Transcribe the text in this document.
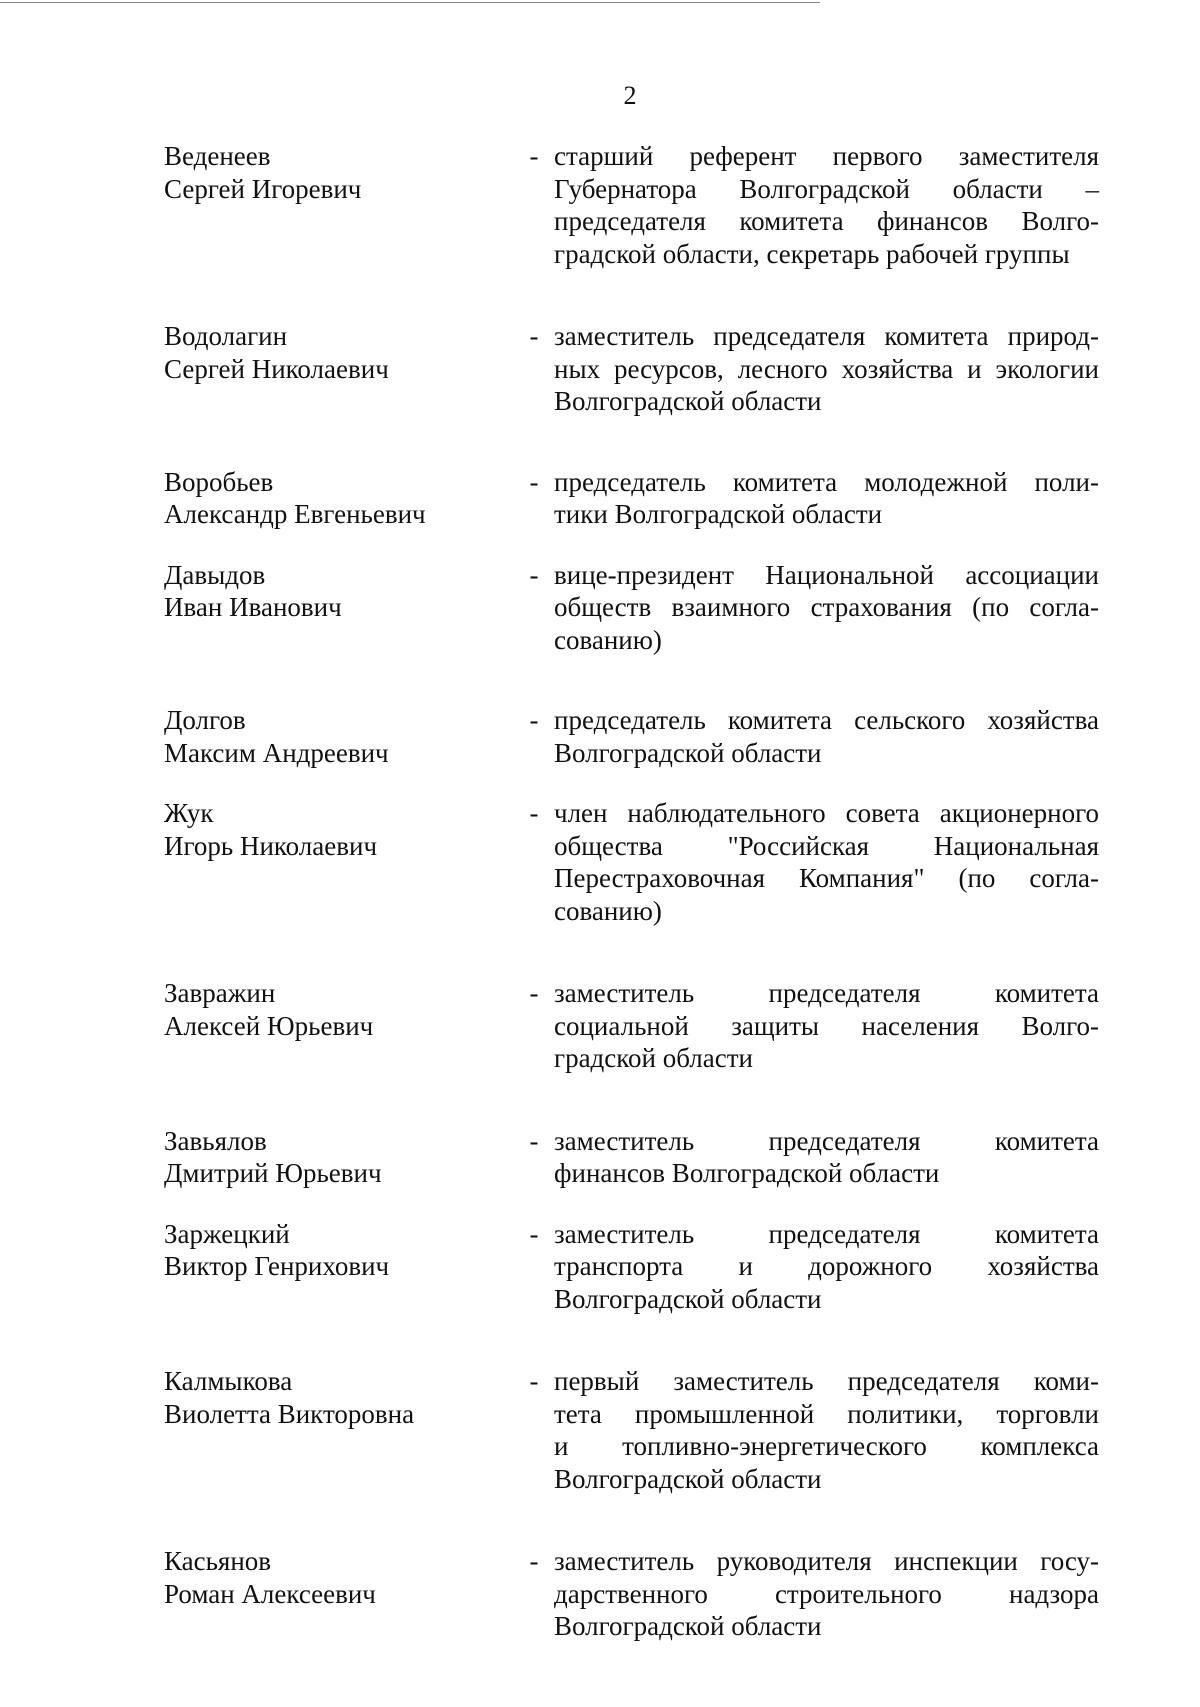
2
Веденеев
Сергей Игоревич
- старший референт первого заместителя
Губернатора Волгоградской области –
председателя комитета финансов Волго-
градской области, секретарь рабочей группы
Водолагин
Сергей Николаевич
- заместитель председателя комитета природ-
ных ресурсов, лесного хозяйства и экологии
Волгоградской области
Воробьев
Александр Евгеньевич
- председатель комитета молодежной поли-
тики Волгоградской области
Давыдов
Иван Иванович
- вице-президент Национальной ассоциации
обществ взаимного страхования (по согла-
сованию)
Долгов
Максим Андреевич
- председатель комитета сельского хозяйства
Волгоградской области
Жук
Игорь Николаевич
- член наблюдательного совета акционерного
общества "Российская Национальная
Перестраховочная Компания" (по согла-
сованию)
Завражин
Алексей Юрьевич
- заместитель председателя комитета
социальной защиты населения Волго-
градской области
Завьялов
Дмитрий Юрьевич
- заместитель председателя комитета
финансов Волгоградской области
Заржецкий
Виктор Генрихович
- заместитель председателя комитета
транспорта и дорожного хозяйства
Волгоградской области
Калмыкова
Виолетта Викторовна
- первый заместитель председателя коми-
тета промышленной политики, торговли
и топливно-энергетического комплекса
Волгоградской области
Касьянов
Роман Алексеевич
- заместитель руководителя инспекции госу-
дарственного строительного надзора
Волгоградской области
